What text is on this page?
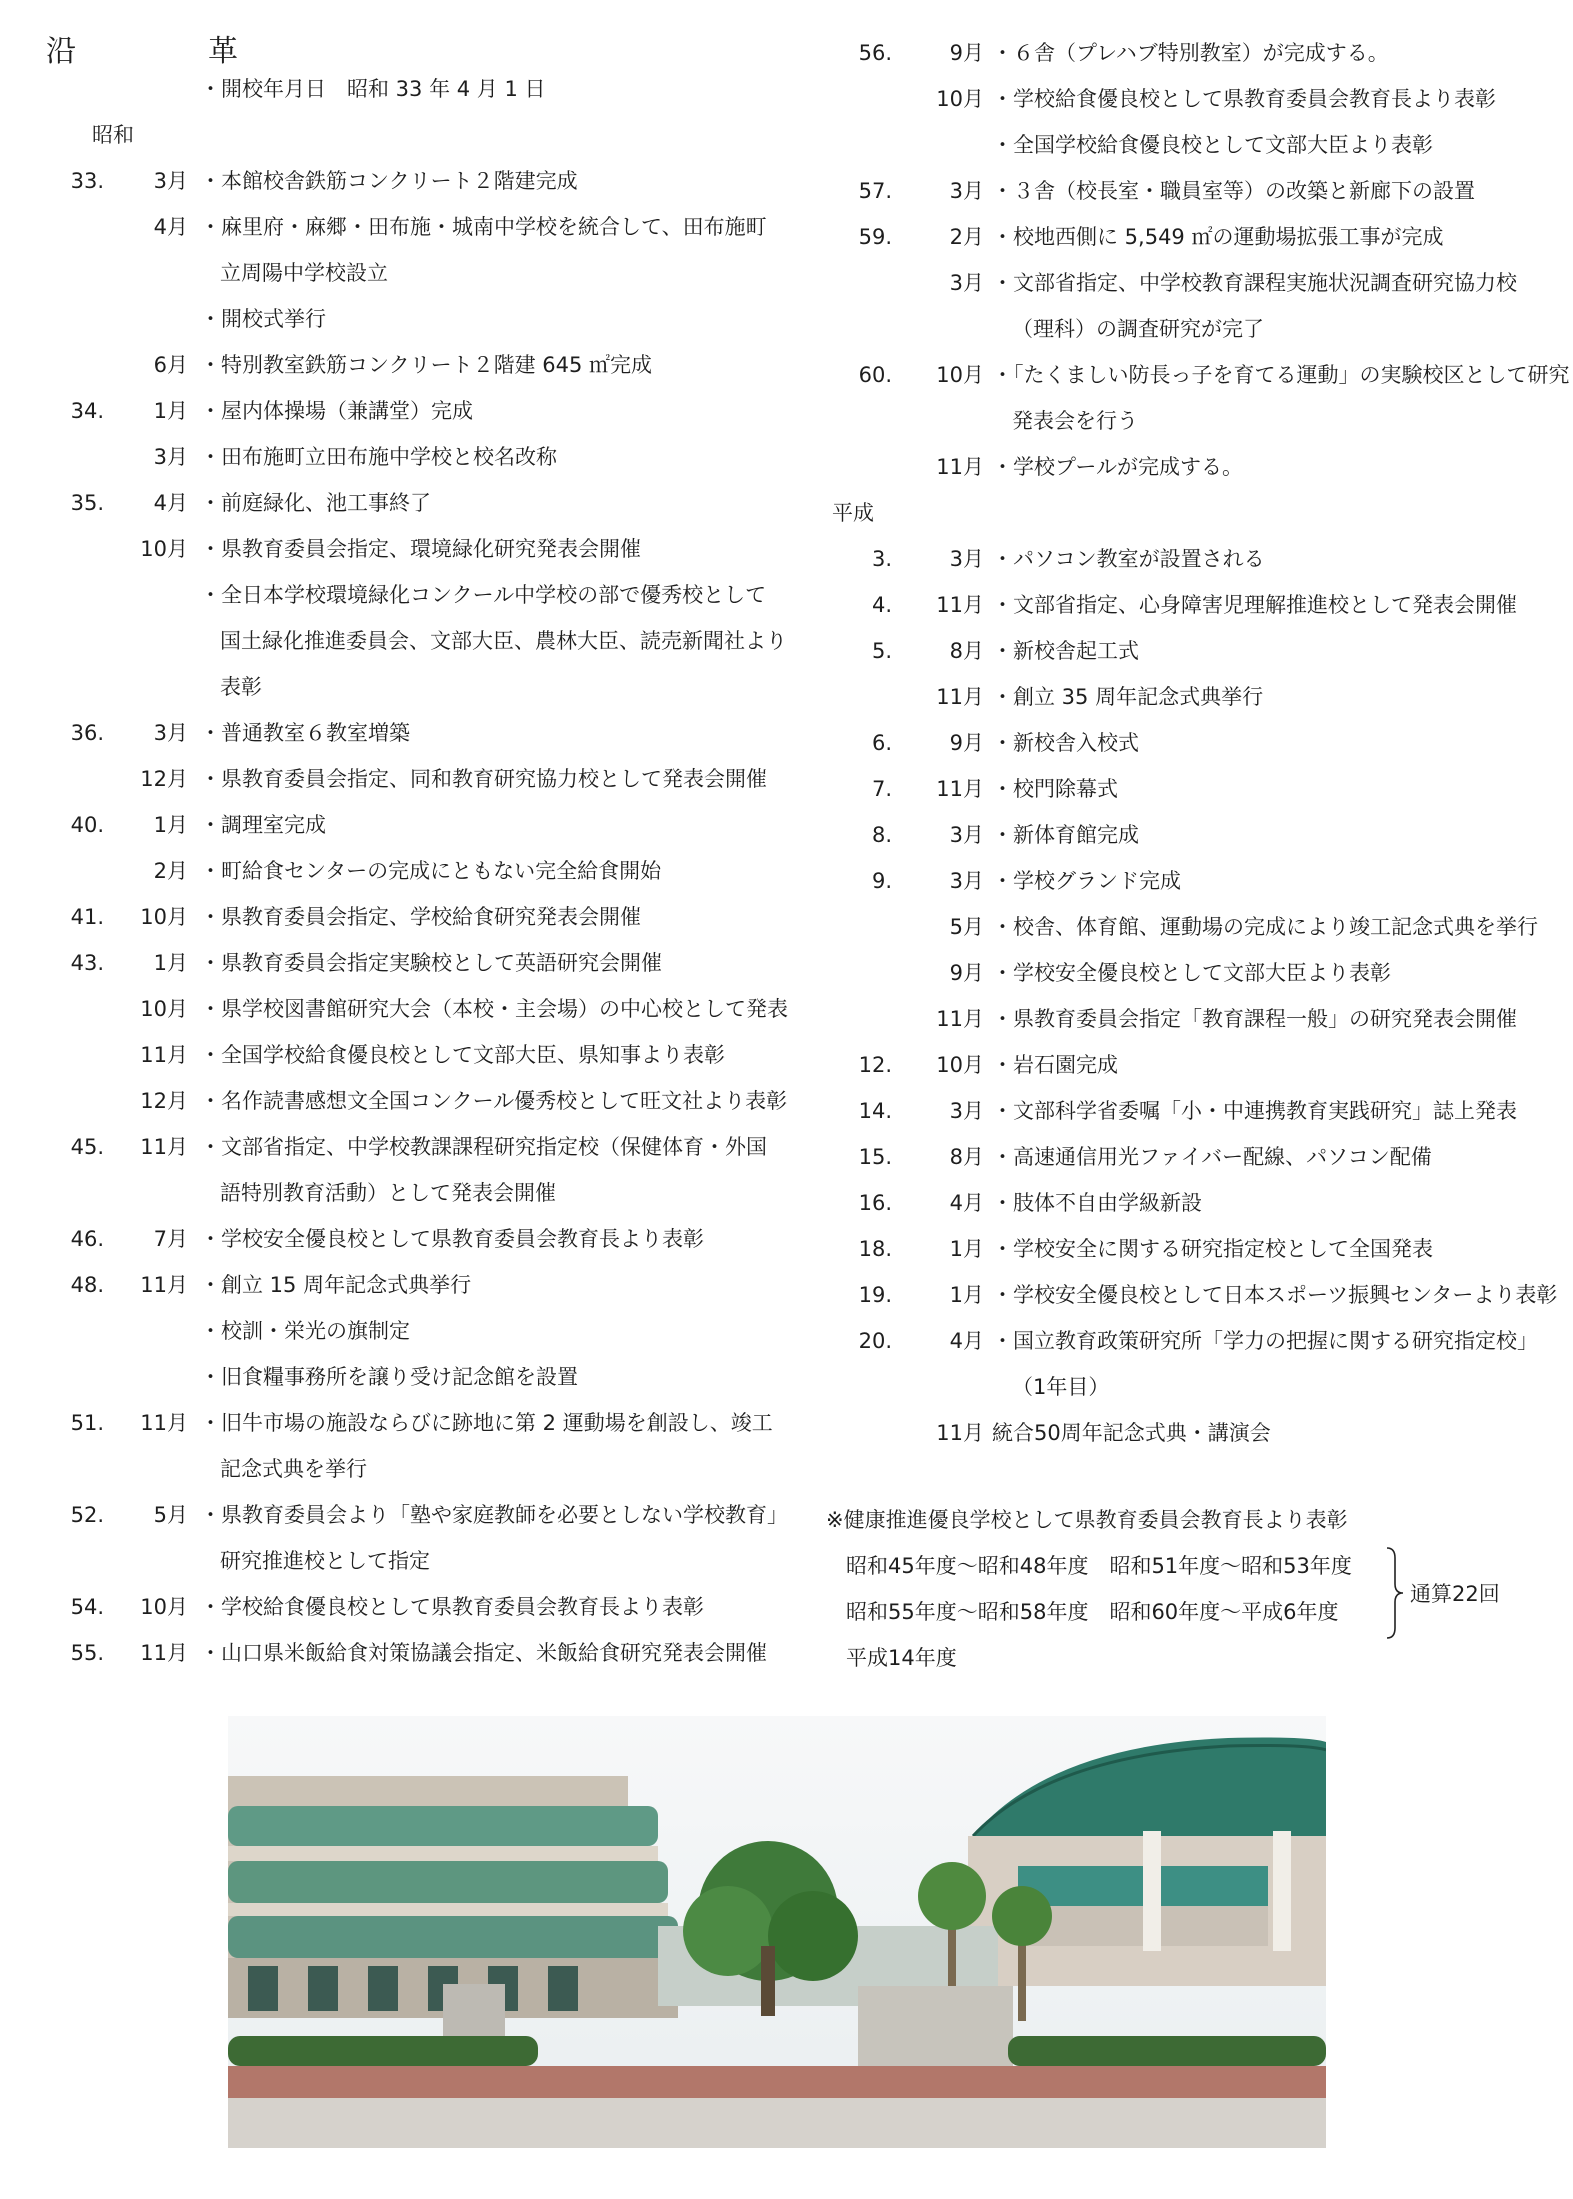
沿	革
・開校年月日　昭和 33 年 4 月 1 日
昭和
33.	3月 ・本館校舎鉄筋コンクリート２階建完成
4月 ・麻里府・麻郷・田布施・城南中学校を統合して、田布施町
立周陽中学校設立
・開校式挙行
6月 ・特別教室鉄筋コンクリート２階建 645 ㎡完成
34.	1月 ・屋内体操場（兼講堂）完成
3月 ・田布施町立田布施中学校と校名改称
35.	4月 ・前庭緑化、池工事終了
10月 ・県教育委員会指定、環境緑化研究発表会開催
・全日本学校環境緑化コンクール中学校の部で優秀校として
国土緑化推進委員会、文部大臣、農林大臣、読売新聞社より
表彰
36.	3月 ・普通教室６教室増築
12月 ・県教育委員会指定、同和教育研究協力校として発表会開催
40.	1月 ・調理室完成
2月 ・町給食センターの完成にともない完全給食開始
41.	10月 ・県教育委員会指定、学校給食研究発表会開催
43.	1月 ・県教育委員会指定実験校として英語研究会開催
10月 ・県学校図書館研究大会（本校・主会場）の中心校として発表
11月 ・全国学校給食優良校として文部大臣、県知事より表彰
12月 ・名作読書感想文全国コンクール優秀校として旺文社より表彰
45.	11月 ・文部省指定、中学校教課課程研究指定校（保健体育・外国
語特別教育活動）として発表会開催
46.	7月 ・学校安全優良校として県教育委員会教育長より表彰
48.	11月 ・創立 15 周年記念式典挙行
・校訓・栄光の旗制定
・旧食糧事務所を譲り受け記念館を設置
51.	11月 ・旧牛市場の施設ならびに跡地に第 2 運動場を創設し、竣工
記念式典を挙行
52.	5月 ・県教育委員会より「塾や家庭教師を必要としない学校教育」
研究推進校として指定
54.	10月 ・学校給食優良校として県教育委員会教育長より表彰
55.	11月 ・山口県米飯給食対策協議会指定、米飯給食研究発表会開催
56.	9月 ・６舎（プレハブ特別教室）が完成する。
10月 ・学校給食優良校として県教育委員会教育長より表彰
・全国学校給食優良校として文部大臣より表彰
57.	3月 ・３舎（校長室・職員室等）の改築と新廊下の設置
59.	2月 ・校地西側に 5,549 ㎡の運動場拡張工事が完成
3月 ・文部省指定、中学校教育課程実施状況調査研究協力校
（理科）の調査研究が完了
60.	10月 ・「たくましい防長っ子を育てる運動」の実験校区として研究
発表会を行う
11月 ・学校プールが完成する。
平成
3.	3月 ・パソコン教室が設置される
4.	11月 ・文部省指定、心身障害児理解推進校として発表会開催
5.	8月 ・新校舎起工式
11月 ・創立 35 周年記念式典挙行
6.	9月 ・新校舎入校式
7.	11月 ・校門除幕式
8.	3月 ・新体育館完成
9.	3月 ・学校グランド完成
5月 ・校舎、体育館、運動場の完成により竣工記念式典を挙行
9月 ・学校安全優良校として文部大臣より表彰
11月 ・県教育委員会指定「教育課程一般」の研究発表会開催
12.	10月 ・岩石園完成
14.	3月 ・文部科学省委嘱「小・中連携教育実践研究」誌上発表
15.	8月 ・高速通信用光ファイバー配線、パソコン配備
16.	4月 ・肢体不自由学級新設
18.	1月 ・学校安全に関する研究指定校として全国発表
19.	1月 ・学校安全優良校として日本スポーツ振興センターより表彰
20.	4月 ・国立教育政策研究所「学力の把握に関する研究指定校」
（1年目）
11月 統合50周年記念式典・講演会
※健康推進優良学校として県教育委員会教育長より表彰
昭和45年度～昭和48年度　昭和51年度～昭和53年度
昭和55年度～昭和58年度　昭和60年度～平成6年度
平成14年度
通算22回
